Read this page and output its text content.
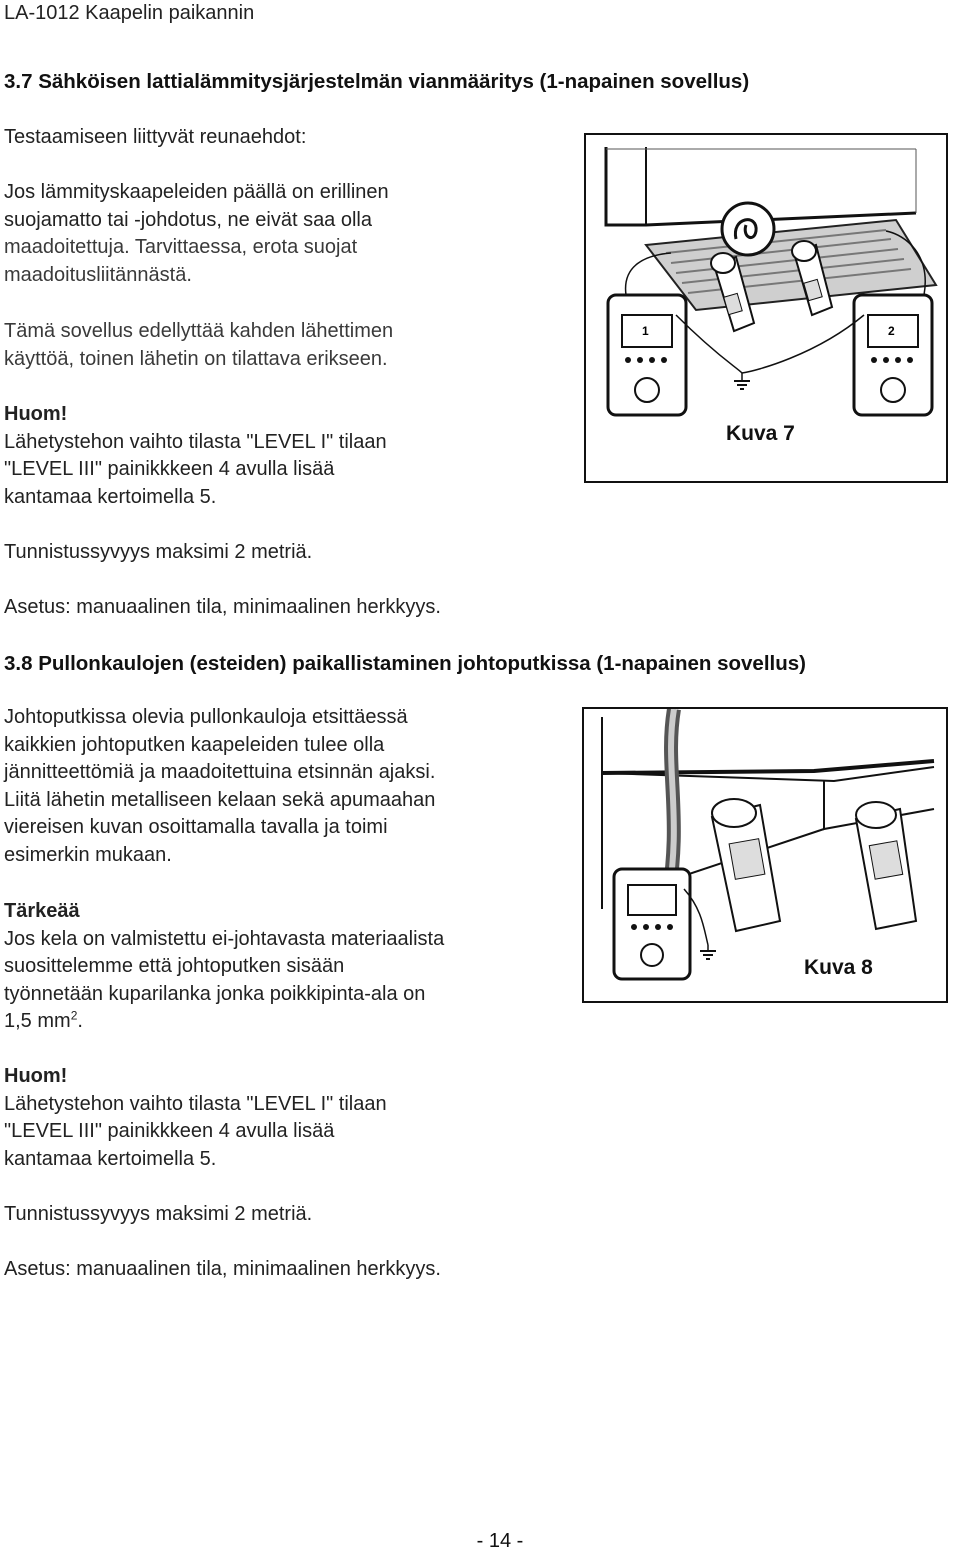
LA-1012 Kaapelin paikannin
3.7 Sähköisen lattialämmitysjärjestelmän vianmääritys (1-napainen sovellus)
Testaamiseen liittyvät reunaehdot:

Jos lämmityskaapeleiden päällä on erillinen

suojamatto tai -johdotus, ne eivät saa olla

maadoitettuja. Tarvittaessa, erota suojat

maadoitusliitännästä.

Tämä sovellus edellyttää kahden lähettimen

käyttöä, toinen lähetin on tilattava erikseen.

Huom!

Lähetystehon vaihto tilasta "LEVEL I" tilaan

"LEVEL III" painikkkeen 4 avulla lisää

kantamaa kertoimella 5.

Tunnistussyvyys maksimi 2 metriä.
Asetus: manuaalinen tila, minimaalinen herkkyys.
1	2
Kuva 7
3.8 Pullonkaulojen (esteiden) paikallistaminen johtoputkissa (1-napainen sovellus)

Johtoputkissa olevia pullonkauloja etsittäessä

kaikkien johtoputken kaapeleiden tulee olla

jännitteettömiä ja maadoitettuina etsinnän ajaksi.

Liitä lähetin metalliseen kelaan sekä apumaahan

viereisen kuvan osoittamalla tavalla ja toimi

esimerkin mukaan.

Tärkeää

Jos kela on valmistettu ei-johtavasta materiaalista

suosittelemme että johtoputken sisään

työnnetään kuparilanka jonka poikkipinta-ala on

1,5 $mm^2$.

Huom!

Lähetystehon vaihto tilasta "LEVEL I" tilaan

"LEVEL III" painikkkeen 4 avulla lisää

kantamaa kertoimella 5.

Tunnistussyvyys maksimi 2 metriä.
Asetus: manuaalinen tila, minimaalinen herkkyys.
Kuva 8
- 14 -
